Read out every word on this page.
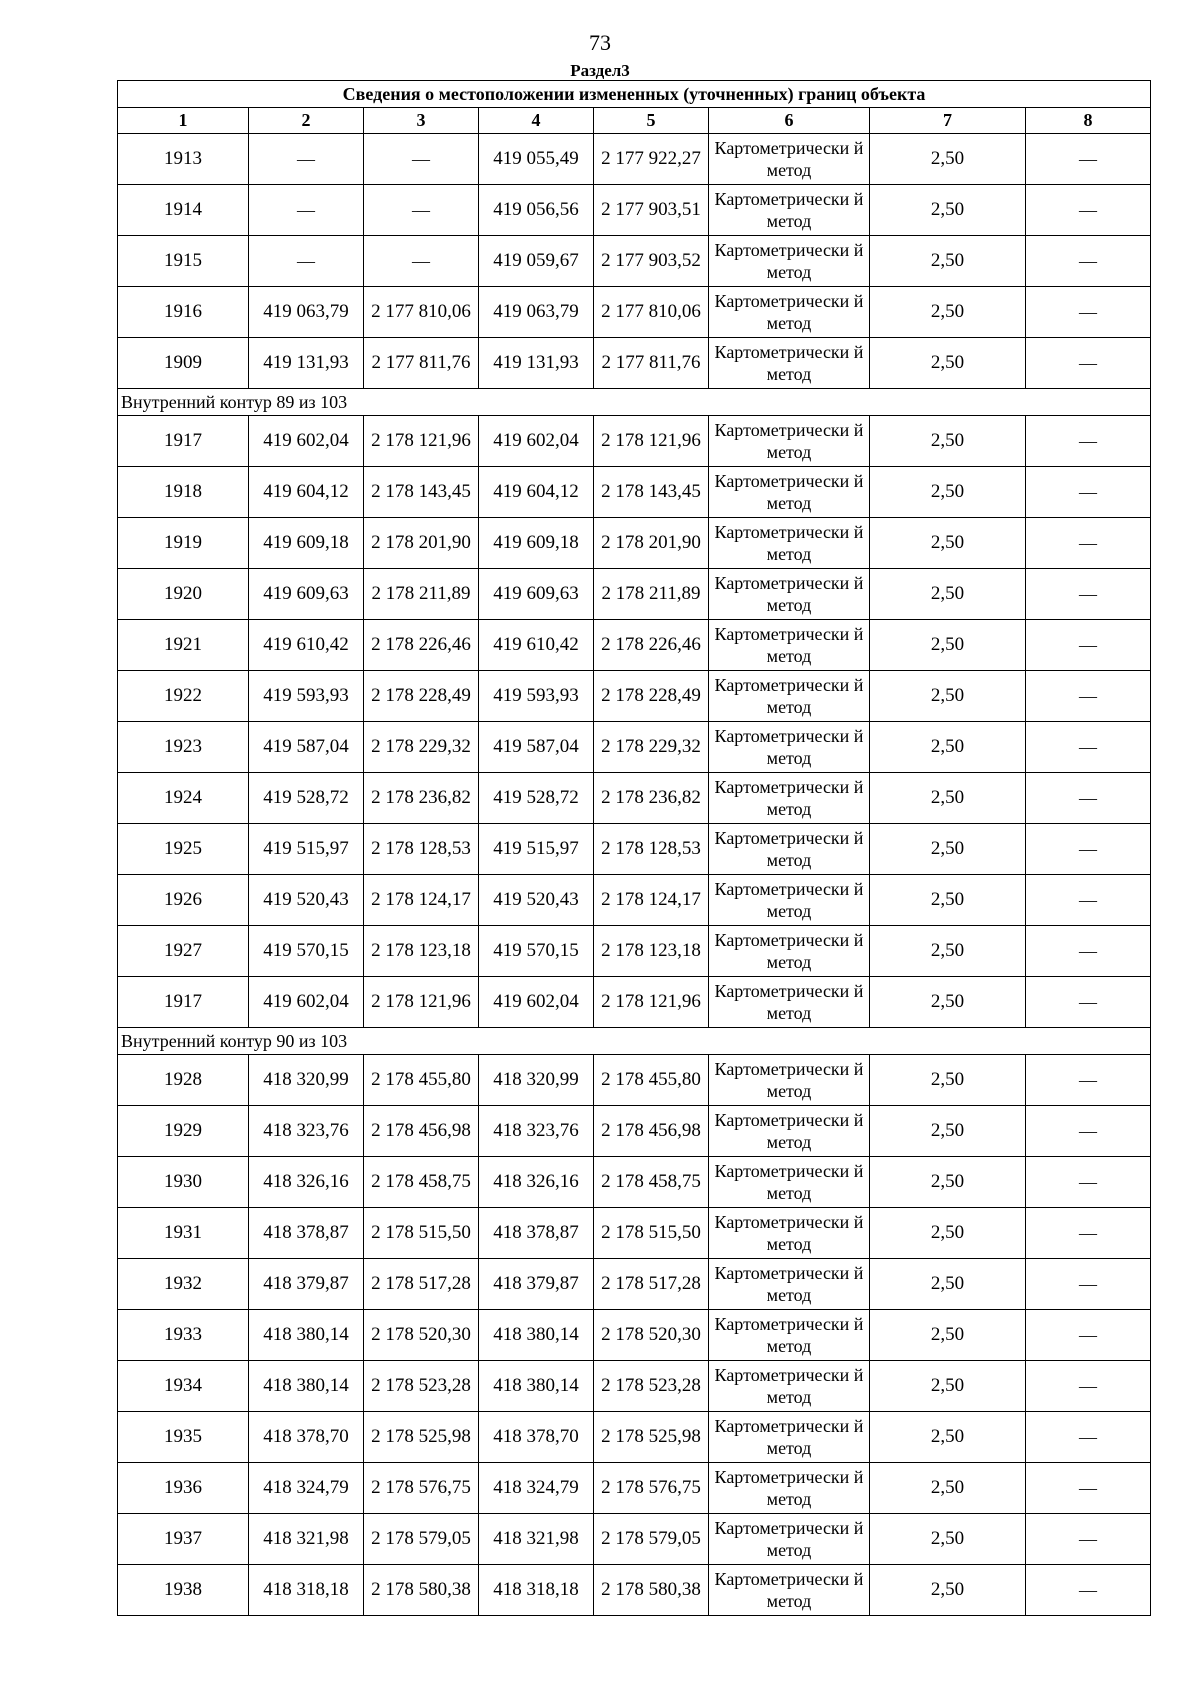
73
Раздел3
Сведения о местоположении измененных (уточненных) границ объекта							
1	2	3	4	5	6	7	8
1913	—	—	419 055,49	2 177 922,27	Картометрически й метод	2,50	—
1914	—	—	419 056,56	2 177 903,51	Картометрически й метод	2,50	—
1915	—	—	419 059,67	2 177 903,52	Картометрически й метод	2,50	—
1916	419 063,79	2 177 810,06	419 063,79	2 177 810,06	Картометрически й метод	2,50	—
1909	419 131,93	2 177 811,76	419 131,93	2 177 811,76	Картометрически й метод	2,50	—
Внутренний контур 89 из 103							
1917	419 602,04	2 178 121,96	419 602,04	2 178 121,96	Картометрически й метод	2,50	—
1918	419 604,12	2 178 143,45	419 604,12	2 178 143,45	Картометрически й метод	2,50	—
1919	419 609,18	2 178 201,90	419 609,18	2 178 201,90	Картометрически й метод	2,50	—
1920	419 609,63	2 178 211,89	419 609,63	2 178 211,89	Картометрически й метод	2,50	—
1921	419 610,42	2 178 226,46	419 610,42	2 178 226,46	Картометрически й метод	2,50	—
1922	419 593,93	2 178 228,49	419 593,93	2 178 228,49	Картометрически й метод	2,50	—
1923	419 587,04	2 178 229,32	419 587,04	2 178 229,32	Картометрически й метод	2,50	—
1924	419 528,72	2 178 236,82	419 528,72	2 178 236,82	Картометрически й метод	2,50	—
1925	419 515,97	2 178 128,53	419 515,97	2 178 128,53	Картометрически й метод	2,50	—
1926	419 520,43	2 178 124,17	419 520,43	2 178 124,17	Картометрически й метод	2,50	—
1927	419 570,15	2 178 123,18	419 570,15	2 178 123,18	Картометрически й метод	2,50	—
1917	419 602,04	2 178 121,96	419 602,04	2 178 121,96	Картометрически й метод	2,50	—
Внутренний контур 90 из 103							
1928	418 320,99	2 178 455,80	418 320,99	2 178 455,80	Картометрически й метод	2,50	—
1929	418 323,76	2 178 456,98	418 323,76	2 178 456,98	Картометрически й метод	2,50	—
1930	418 326,16	2 178 458,75	418 326,16	2 178 458,75	Картометрически й метод	2,50	—
1931	418 378,87	2 178 515,50	418 378,87	2 178 515,50	Картометрически й метод	2,50	—
1932	418 379,87	2 178 517,28	418 379,87	2 178 517,28	Картометрически й метод	2,50	—
1933	418 380,14	2 178 520,30	418 380,14	2 178 520,30	Картометрически й метод	2,50	—
1934	418 380,14	2 178 523,28	418 380,14	2 178 523,28	Картометрически й метод	2,50	—
1935	418 378,70	2 178 525,98	418 378,70	2 178 525,98	Картометрически й метод	2,50	—
1936	418 324,79	2 178 576,75	418 324,79	2 178 576,75	Картометрически й метод	2,50	—
1937	418 321,98	2 178 579,05	418 321,98	2 178 579,05	Картометрически й метод	2,50	—
1938	418 318,18	2 178 580,38	418 318,18	2 178 580,38	Картометрически й метод	2,50	—
